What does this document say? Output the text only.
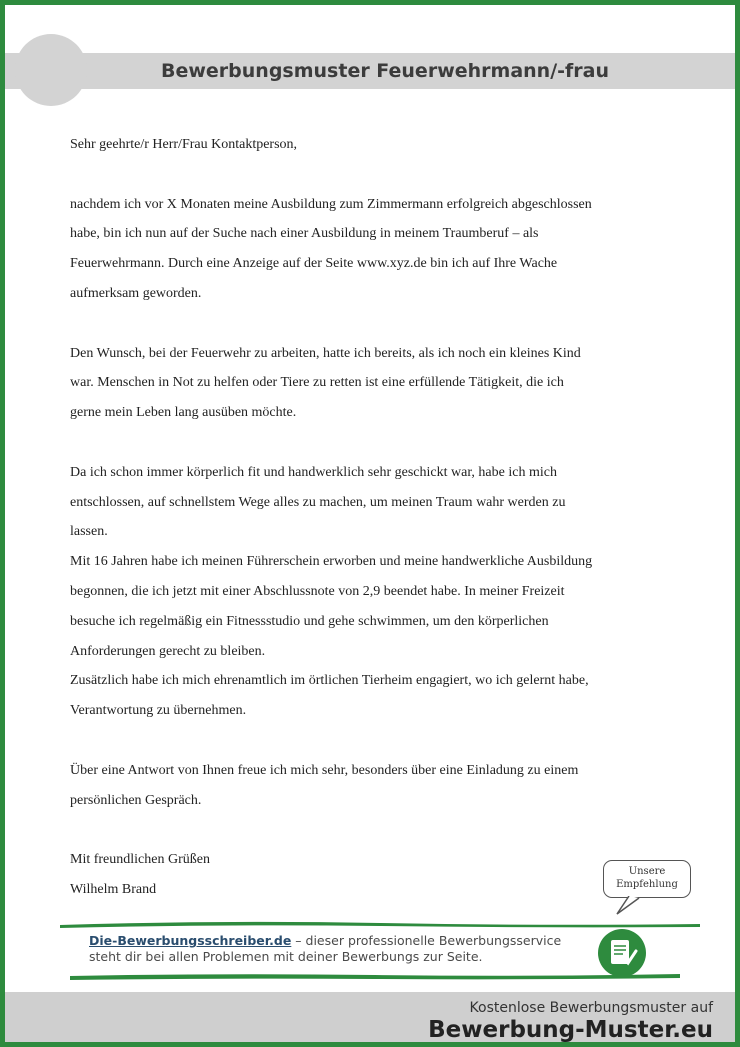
Bewerbungsmuster Feuerwehrmann/-frau

Sehr geehrte/r Herr/Frau Kontaktperson,

nachdem ich vor X Monaten meine Ausbildung zum Zimmermann erfolgreich abgeschlossen

habe, bin ich nun auf der Suche nach einer Ausbildung in meinem Traumberuf – als

Feuerwehrmann. Durch eine Anzeige auf der Seite www.xyz.de bin ich auf Ihre Wache

aufmerksam geworden.

Den Wunsch, bei der Feuerwehr zu arbeiten, hatte ich bereits, als ich noch ein kleines Kind

war. Menschen in Not zu helfen oder Tiere zu retten ist eine erfüllende Tätigkeit, die ich

gerne mein Leben lang ausüben möchte.

Da ich schon immer körperlich fit und handwerklich sehr geschickt war, habe ich mich

entschlossen, auf schnellstem Wege alles zu machen, um meinen Traum wahr werden zu

lassen.

Mit 16 Jahren habe ich meinen Führerschein erworben und meine handwerkliche Ausbildung

begonnen, die ich jetzt mit einer Abschlussnote von 2,9 beendet habe. In meiner Freizeit

besuche ich regelmäßig ein Fitnessstudio und gehe schwimmen, um den körperlichen

Anforderungen gerecht zu bleiben.

Zusätzlich habe ich mich ehrenamtlich im örtlichen Tierheim engagiert, wo ich gelernt habe,

Verantwortung zu übernehmen.

Über eine Antwort von Ihnen freue ich mich sehr, besonders über eine Einladung zu einem

persönlichen Gespräch.

Mit freundlichen Grüßen

Wilhelm Brand

Die-Bewerbungsschreiber.de – dieser professionelle Bewerbungsservice
steht dir bei allen Problemen mit deiner Bewerbungs zur Seite.
Unsere
Empfehlung
Kostenlose Bewerbungsmuster auf
Bewerbung-Muster.eu
